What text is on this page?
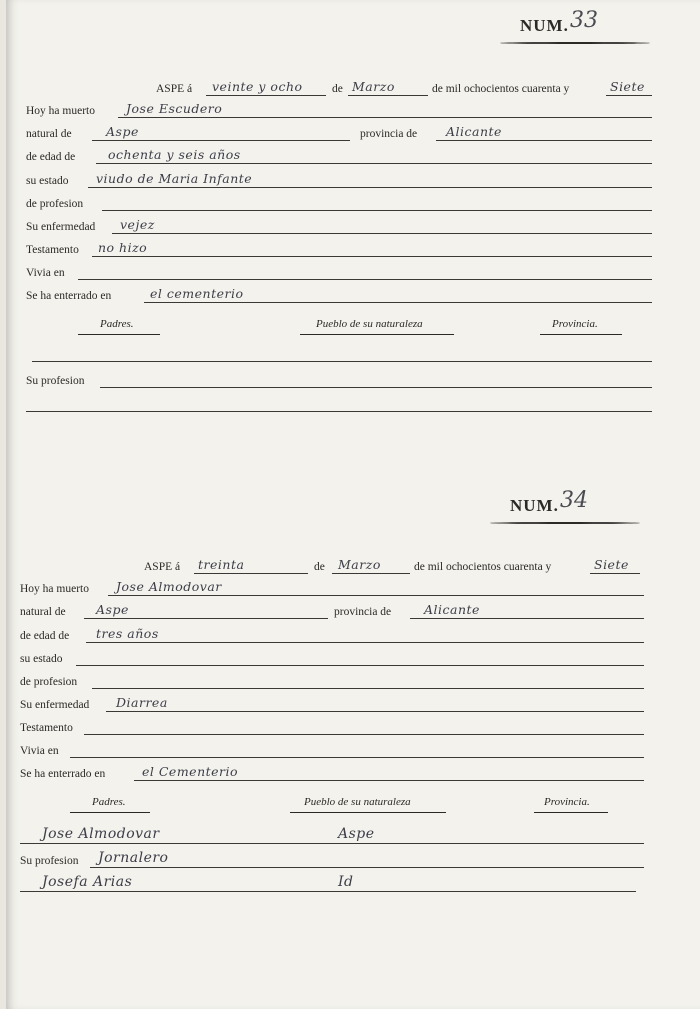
NUM. 33
ASPE á veinte y ocho	de Marzo	de mil ochocientos cuarenta y	Siete
Hoy ha muerto Jose Escudero
natural de	Aspe	provincia de Alicante
de edad de	ochenta y seis años
su estado viudo de Maria Infante
de profesion
Su enfermedad vejez
Testamento no hizo
Vivia en
Se ha enterrado en	el cementerio
Padres.	Pueblo de su naturaleza	Provincia.
Su profesion
NUM. 34
ASPE á treinta	de Marzo	de mil ochocientos cuarenta y	Siete
Hoy ha muerto Jose Almodovar
natural de Aspe	provincia de	Alicante
de edad de tres años
su estado
de profesion
Su enfermedad Diarrea
Testamento
Vivia en
Se ha enterrado en	el Cementerio
Padres.	Pueblo de su naturaleza	Provincia.
Jose Almodovar	Aspe
Su profesion Jornalero
Josefa Arias	Id
